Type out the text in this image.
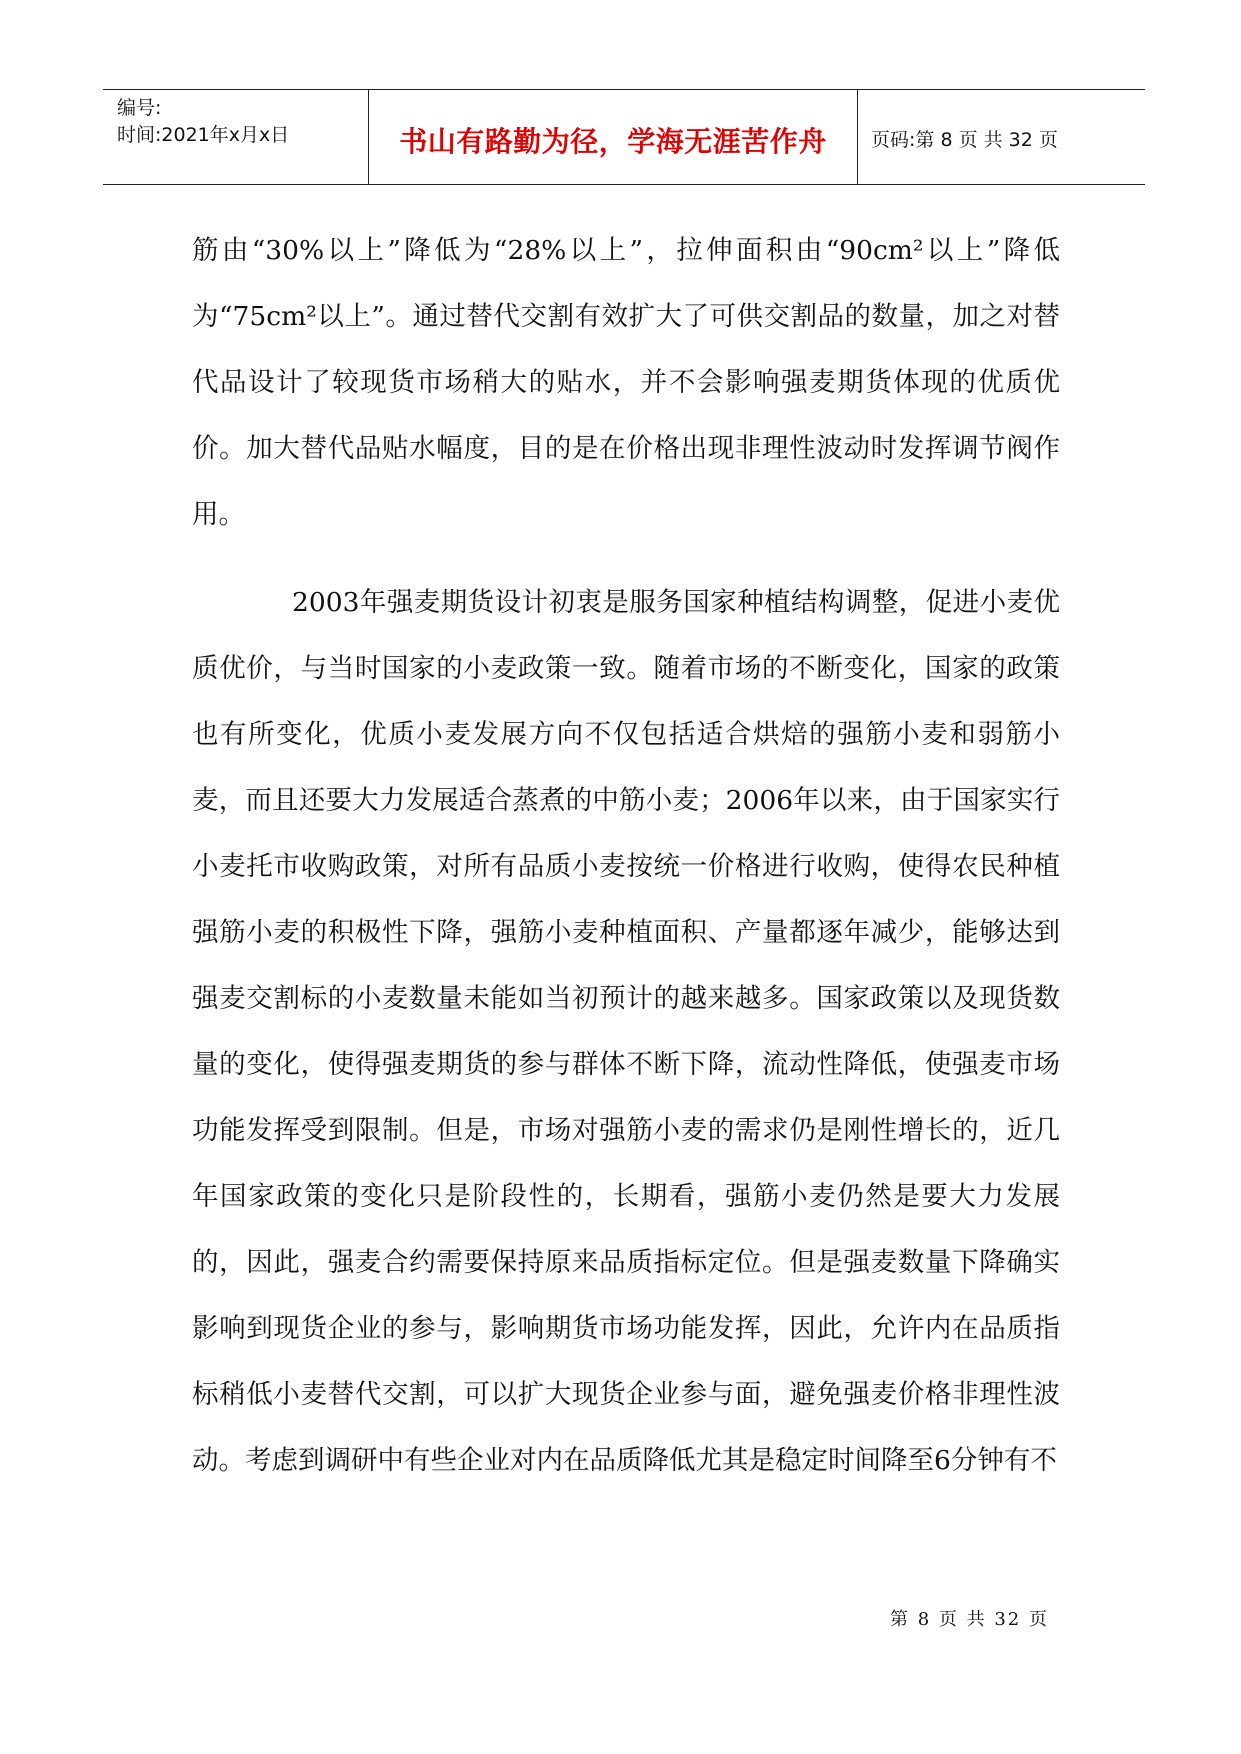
编号:
时间:2021年x月x日	书山有路勤为径，学海无涯苦作舟	页码:第 8 页 共 32 页

筋由“30%以上”降低为“28%以上”，拉伸面积由“90cm²以上”降低为“75cm²以上”。通过替代交割有效扩大了可供交割品的数量，加之对替代品设计了较现货市场稍大的贴水，并不会影响强麦期货体现的优质优价。加大替代品贴水幅度，目的是在价格出现非理性波动时发挥调节阀作用。

2003年强麦期货设计初衷是服务国家种植结构调整，促进小麦优质优价，与当时国家的小麦政策一致。随着市场的不断变化，国家的政策也有所变化，优质小麦发展方向不仅包括适合烘焙的强筋小麦和弱筋小麦，而且还要大力发展适合蒸煮的中筋小麦；2006年以来，由于国家实行小麦托市收购政策，对所有品质小麦按统一价格进行收购，使得农民种植强筋小麦的积极性下降，强筋小麦种植面积、产量都逐年减少，能够达到强麦交割标的小麦数量未能如当初预计的越来越多。国家政策以及现货数量的变化，使得强麦期货的参与群体不断下降，流动性降低，使强麦市场功能发挥受到限制。但是，市场对强筋小麦的需求仍是刚性增长的，近几年国家政策的变化只是阶段性的，长期看，强筋小麦仍然是要大力发展的，因此，强麦合约需要保持原来品质指标定位。但是强麦数量下降确实影响到现货企业的参与，影响期货市场功能发挥，因此，允许内在品质指标稍低小麦替代交割，可以扩大现货企业参与面，避免强麦价格非理性波动。考虑到调研中有些企业对内在品质降低尤其是稳定时间降至6分钟有不

第 8 页 共 32 页
